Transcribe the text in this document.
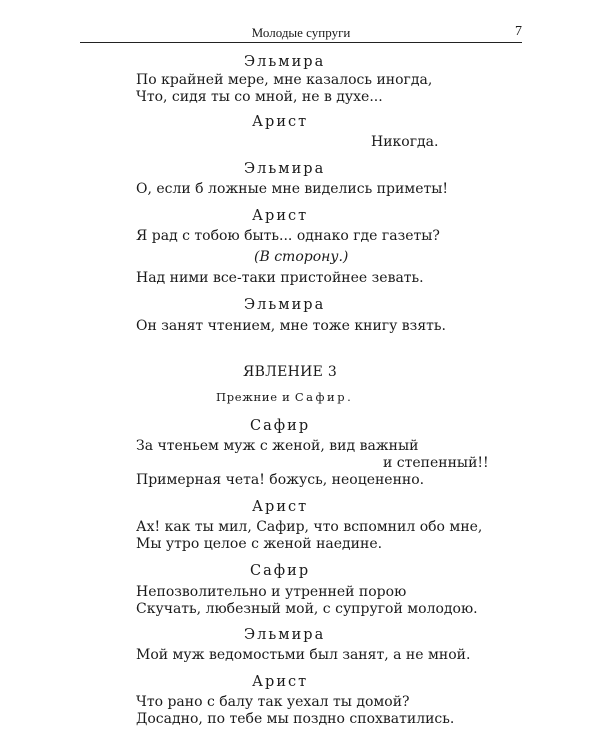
Молодые супруги	7
Эльмира
По крайней мере, мне казалось иногда,
Что, сидя ты со мной, не в духе...
Арист
Никогда.
Эльмира
О, если б ложные мне виделись приметы!
Арист
Я рад с тобою быть... однако где газеты?
(В сторону.)
Над ними все-таки пристойнее зевать.
Эльмира
Он занят чтением, мне тоже книгу взять.
ЯВЛЕНИЕ 3
Прежние и Сафир.
Сафир
За чтеньем муж с женой, вид важный
и степенный!!
Примерная чета! божусь, неоцененно.
Арист
Ах! как ты мил, Сафир, что вспомнил обо мне,
Мы утро целое с женой наедине.
Сафир
Непозволительно и утренней порою
Скучать, любезный мой, с супругой молодою.
Эльмира
Мой муж ведомостьми был занят, а не мной.
Арист
Что рано с балу так уехал ты домой?
Досадно, по тебе мы поздно спохватились.
